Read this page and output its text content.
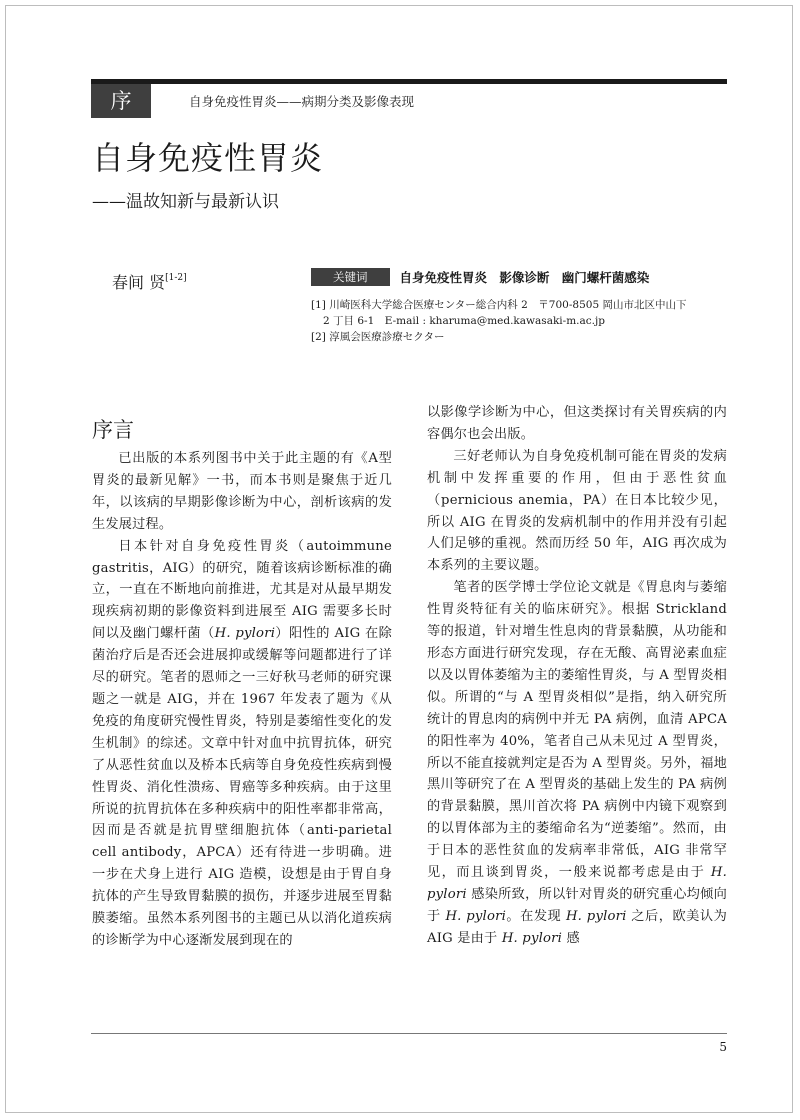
序	自身免疫性胃炎——病期分类及影像表现
自身免疫性胃炎
——温故知新与最新认识
春间 贤[1-2]	关键词	自身免疫性胃炎 影像诊断 幽门螺杆菌感染
[1] 川崎医科大学総合医療センター総合内科 2　〒700-8505 岡山市北区中山下
2 丁目 6-1　E-mail : kharuma@med.kawasaki-m.ac.jp
[2] 淳風会医療診療セクター
序言

已出版的本系列图书中关于此主题的有《A型胃炎的最新见解》一书，而本书则是聚焦于近几年，以该病的早期影像诊断为中心，剖析该病的发生发展过程。

日本针对自身免疫性胃炎（autoimmune gastritis，AIG）的研究，随着该病诊断标准的确立，一直在不断地向前推进，尤其是对从最早期发现疾病初期的影像资料到进展至 AIG 需要多长时间以及幽门螺杆菌（H. pylori）阳性的 AIG 在除菌治疗后是否还会进展抑或缓解等问题都进行了详尽的研究。笔者的恩师之一三好秋马老师的研究课题之一就是 AIG，并在 1967 年发表了题为《从免疫的角度研究慢性胃炎，特别是萎缩性变化的发生机制》的综述。文章中针对血中抗胃抗体，研究了从恶性贫血以及桥本氏病等自身免疫性疾病到慢性胃炎、消化性溃疡、胃癌等多种疾病。由于这里所说的抗胃抗体在多种疾病中的阳性率都非常高，因而是否就是抗胃壁细胞抗体（anti-parietal cell antibody，APCA）还有待进一步明确。进一步在犬身上进行 AIG 造模，设想是由于胃自身抗体的产生导致胃黏膜的损伤，并逐步进展至胃黏膜萎缩。虽然本系列图书的主题已从以消化道疾病的诊断学为中心逐渐发展到现在的

以影像学诊断为中心，但这类探讨有关胃疾病的内容偶尔也会出版。

三好老师认为自身免疫机制可能在胃炎的发病机制中发挥重要的作用，但由于恶性贫血（pernicious anemia，PA）在日本比较少见，所以 AIG 在胃炎的发病机制中的作用并没有引起人们足够的重视。然而历经 50 年，AIG 再次成为本系列的主要议题。

笔者的医学博士学位论文就是《胃息肉与萎缩性胃炎特征有关的临床研究》。根据 Strickland 等的报道，针对增生性息肉的背景黏膜，从功能和形态方面进行研究发现，存在无酸、高胃泌素血症以及以胃体萎缩为主的萎缩性胃炎，与 A 型胃炎相似。所谓的“与 A 型胃炎相似”是指，纳入研究所统计的胃息肉的病例中并无 PA 病例，血清 APCA 的阳性率为 40%，笔者自己从未见过 A 型胃炎，所以不能直接就判定是否为 A 型胃炎。另外，福地黑川等研究了在 A 型胃炎的基础上发生的 PA 病例的背景黏膜，黑川首次将 PA 病例中内镜下观察到的以胃体部为主的萎缩命名为“逆萎缩”。然而，由于日本的恶性贫血的发病率非常低，AIG 非常罕见，而且谈到胃炎，一般来说都考虑是由于 H. pylori 感染所致，所以针对胃炎的研究重心均倾向于 H. pylori。在发现 H. pylori 之后，欧美认为 AIG 是由于 H. pylori 感

5
